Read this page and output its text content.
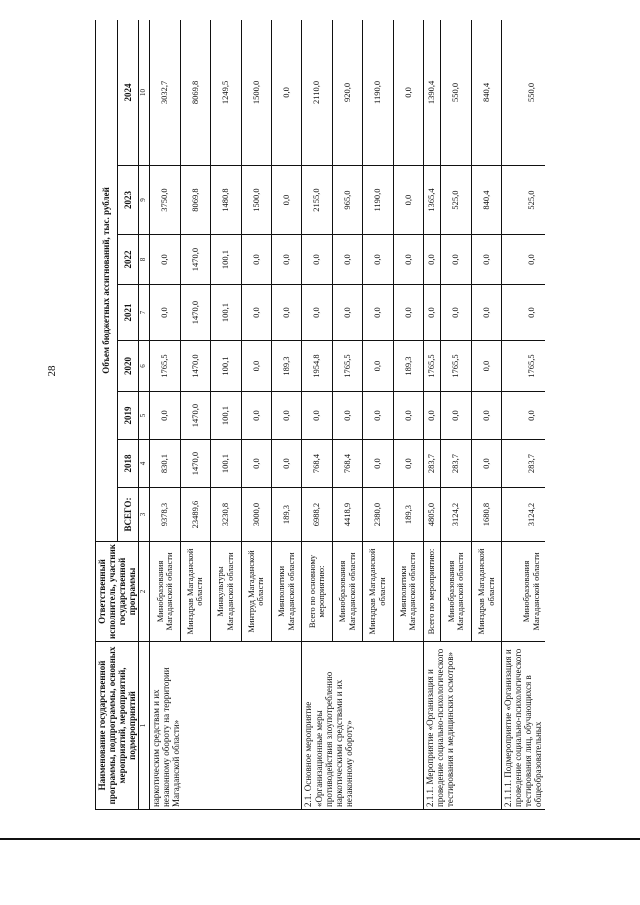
28
Наименование государственной программы, подпрограммы, основных мероприятий, мероприятий, подмероприятий	Ответственный исполнитель, участник государственной программы	Объем бюджетных ассигнований, тыс. рублей							
		ВСЕГО:	2018	2019	2020	2021	2022	2023	2024
1	2	3	4	5	6	7	8	9	10
наркотическим средствам и их незаконному обороту на территории Магаданской области»	Минобразования Магаданской области	9378,3	830,1	0,0	1765,5	0,0	0,0	3750,0	3032,7
	Минздрав Магаданской области	23489,6	1470,0	1470,0	1470,0	1470,0	1470,0	8069,8	8069,8
	Минкультуры Магаданской области	3230,8	100,1	100,1	100,1	100,1	100,1	1480,8	1249,5
	Минтруд Магаданской области	3000,0	0,0	0,0	0,0	0,0	0,0	1500,0	1500,0
	Минполитики Магаданской области	189,3	0,0	0,0	189,3	0,0	0,0	0,0	0,0
2.1. Основное мероприятие «Организационные меры противодействия злоупотреблению наркотическими средствами и их незаконному обороту»	Всего по основному мероприятию:	6988,2	768,4	0,0	1954,8	0,0	0,0	2155,0	2110,0
	Минобразования Магаданской области	4418,9	768,4	0,0	1765,5	0,0	0,0	965,0	920,0
	Минздрав Магаданской области	2380,0	0,0	0,0	0,0	0,0	0,0	1190,0	1190,0
	Минполитики Магаданской области	189,3	0,0	0,0	189,3	0,0	0,0	0,0	0,0
2.1.1. Мероприятие «Организация и проведение социально-психологического тестирования и медицинских осмотров»	Всего по мероприятию:	4805,0	283,7	0,0	1765,5	0,0	0,0	1365,4	1390,4
	Минобразования Магаданской области	3124,2	283,7	0,0	1765,5	0,0	0,0	525,0	550,0
	Минздрав Магаданской области	1680,8	0,0	0,0	0,0	0,0	0,0	840,4	840,4
2.1.1.1. Подмероприятие «Организация и проведение социально-психологического тестирования лиц, обучающихся в общеобразовательных	Минобразования Магаданской области	3124,2	283,7	0,0	1765,5	0,0	0,0	525,0	550,0
